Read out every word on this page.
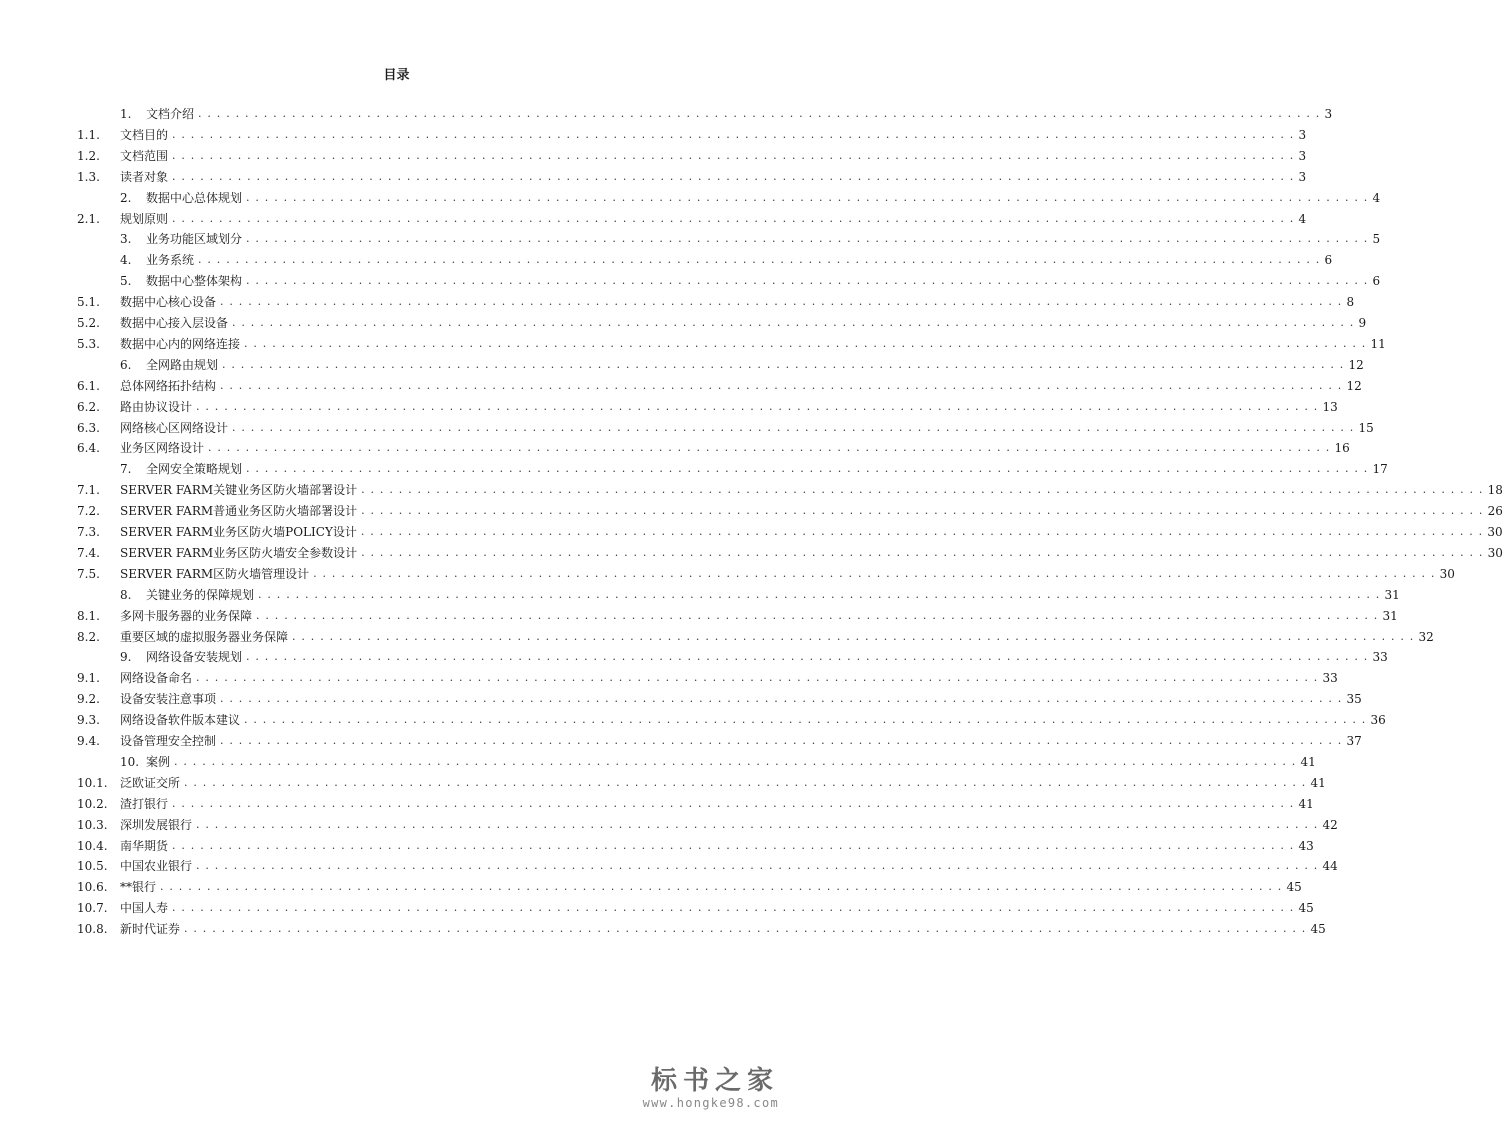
目录
1.	文档介绍 . . . . . . . . . . . . . . . . . . . . . . . . . . . . . . . . . . . . . . . . . . . . . . . . . . . . . . . . . . . . . . . . . . . . . . . . . . . . . . . . . . . . . . . . . . . . . . . . . . . . . . . . . . . . . . . . . . . . . . . . 3
1.1.	文档目的 . . . . . . . . . . . . . . . . . . . . . . . . . . . . . . . . . . . . . . . . . . . . . . . . . . . . . . . . . . . . . . . . . . . . . . . . . . . . . . . . . . . . . . . . . . . . . . . . . . . . . . . . . . . . . . . . . . . . . . . . 3
1.2.	文档范围 . . . . . . . . . . . . . . . . . . . . . . . . . . . . . . . . . . . . . . . . . . . . . . . . . . . . . . . . . . . . . . . . . . . . . . . . . . . . . . . . . . . . . . . . . . . . . . . . . . . . . . . . . . . . . . . . . . . . . . . . 3
1.3.	读者对象 . . . . . . . . . . . . . . . . . . . . . . . . . . . . . . . . . . . . . . . . . . . . . . . . . . . . . . . . . . . . . . . . . . . . . . . . . . . . . . . . . . . . . . . . . . . . . . . . . . . . . . . . . . . . . . . . . . . . . . . . 3
2.	数据中心总体规划 . . . . . . . . . . . . . . . . . . . . . . . . . . . . . . . . . . . . . . . . . . . . . . . . . . . . . . . . . . . . . . . . . . . . . . . . . . . . . . . . . . . . . . . . . . . . . . . . . . . . . . . . . . . . . . . . . . . . . . . . 4
2.1.	规划原则 . . . . . . . . . . . . . . . . . . . . . . . . . . . . . . . . . . . . . . . . . . . . . . . . . . . . . . . . . . . . . . . . . . . . . . . . . . . . . . . . . . . . . . . . . . . . . . . . . . . . . . . . . . . . . . . . . . . . . . . . 4
3.	业务功能区域划分 . . . . . . . . . . . . . . . . . . . . . . . . . . . . . . . . . . . . . . . . . . . . . . . . . . . . . . . . . . . . . . . . . . . . . . . . . . . . . . . . . . . . . . . . . . . . . . . . . . . . . . . . . . . . . . . . . . . . . . . . 5
4.	业务系统 . . . . . . . . . . . . . . . . . . . . . . . . . . . . . . . . . . . . . . . . . . . . . . . . . . . . . . . . . . . . . . . . . . . . . . . . . . . . . . . . . . . . . . . . . . . . . . . . . . . . . . . . . . . . . . . . . . . . . . . . 6
5.	数据中心整体架构 . . . . . . . . . . . . . . . . . . . . . . . . . . . . . . . . . . . . . . . . . . . . . . . . . . . . . . . . . . . . . . . . . . . . . . . . . . . . . . . . . . . . . . . . . . . . . . . . . . . . . . . . . . . . . . . . . . . . . . . . 6
5.1.	数据中心核心设备 . . . . . . . . . . . . . . . . . . . . . . . . . . . . . . . . . . . . . . . . . . . . . . . . . . . . . . . . . . . . . . . . . . . . . . . . . . . . . . . . . . . . . . . . . . . . . . . . . . . . . . . . . . . . . . . . . . . . . . . . 8
5.2.	数据中心接入层设备 . . . . . . . . . . . . . . . . . . . . . . . . . . . . . . . . . . . . . . . . . . . . . . . . . . . . . . . . . . . . . . . . . . . . . . . . . . . . . . . . . . . . . . . . . . . . . . . . . . . . . . . . . . . . . . . . . . . . . . . . 9
5.3.	数据中心内的网络连接 . . . . . . . . . . . . . . . . . . . . . . . . . . . . . . . . . . . . . . . . . . . . . . . . . . . . . . . . . . . . . . . . . . . . . . . . . . . . . . . . . . . . . . . . . . . . . . . . . . . . . . . . . . . . . . . . . . . . . . . . 11
6.	全网路由规划 . . . . . . . . . . . . . . . . . . . . . . . . . . . . . . . . . . . . . . . . . . . . . . . . . . . . . . . . . . . . . . . . . . . . . . . . . . . . . . . . . . . . . . . . . . . . . . . . . . . . . . . . . . . . . . . . . . . . . . . . 12
6.1.	总体网络拓扑结构 . . . . . . . . . . . . . . . . . . . . . . . . . . . . . . . . . . . . . . . . . . . . . . . . . . . . . . . . . . . . . . . . . . . . . . . . . . . . . . . . . . . . . . . . . . . . . . . . . . . . . . . . . . . . . . . . . . . . . . . . 12
6.2.	路由协议设计 . . . . . . . . . . . . . . . . . . . . . . . . . . . . . . . . . . . . . . . . . . . . . . . . . . . . . . . . . . . . . . . . . . . . . . . . . . . . . . . . . . . . . . . . . . . . . . . . . . . . . . . . . . . . . . . . . . . . . . . . 13
6.3.	网络核心区网络设计 . . . . . . . . . . . . . . . . . . . . . . . . . . . . . . . . . . . . . . . . . . . . . . . . . . . . . . . . . . . . . . . . . . . . . . . . . . . . . . . . . . . . . . . . . . . . . . . . . . . . . . . . . . . . . . . . . . . . . . . . 15
6.4.	业务区网络设计 . . . . . . . . . . . . . . . . . . . . . . . . . . . . . . . . . . . . . . . . . . . . . . . . . . . . . . . . . . . . . . . . . . . . . . . . . . . . . . . . . . . . . . . . . . . . . . . . . . . . . . . . . . . . . . . . . . . . . . . . 16
7.	全网安全策略规划 . . . . . . . . . . . . . . . . . . . . . . . . . . . . . . . . . . . . . . . . . . . . . . . . . . . . . . . . . . . . . . . . . . . . . . . . . . . . . . . . . . . . . . . . . . . . . . . . . . . . . . . . . . . . . . . . . . . . . . . . 17
7.1.	SERVER FARM关键业务区防火墙部署设计 . . . . . . . . . . . . . . . . . . . . . . . . . . . . . . . . . . . . . . . . . . . . . . . . . . . . . . . . . . . . . . . . . . . . . . . . . . . . . . . . . . . . . . . . . . . . . . . . . . . . . . . . . . . . . . . . . . . . . . . . 18
7.2.	SERVER FARM普通业务区防火墙部署设计 . . . . . . . . . . . . . . . . . . . . . . . . . . . . . . . . . . . . . . . . . . . . . . . . . . . . . . . . . . . . . . . . . . . . . . . . . . . . . . . . . . . . . . . . . . . . . . . . . . . . . . . . . . . . . . . . . . . . . . . . 26
7.3.	SERVER FARM业务区防火墙POLICY设计 . . . . . . . . . . . . . . . . . . . . . . . . . . . . . . . . . . . . . . . . . . . . . . . . . . . . . . . . . . . . . . . . . . . . . . . . . . . . . . . . . . . . . . . . . . . . . . . . . . . . . . . . . . . . . . . . . . . . . . . . 30
7.4.	SERVER FARM业务区防火墙安全参数设计 . . . . . . . . . . . . . . . . . . . . . . . . . . . . . . . . . . . . . . . . . . . . . . . . . . . . . . . . . . . . . . . . . . . . . . . . . . . . . . . . . . . . . . . . . . . . . . . . . . . . . . . . . . . . . . . . . . . . . . . . 30
7.5.	SERVER FARM区防火墙管理设计 . . . . . . . . . . . . . . . . . . . . . . . . . . . . . . . . . . . . . . . . . . . . . . . . . . . . . . . . . . . . . . . . . . . . . . . . . . . . . . . . . . . . . . . . . . . . . . . . . . . . . . . . . . . . . . . . . . . . . . . . 30
8.	关键业务的保障规划 . . . . . . . . . . . . . . . . . . . . . . . . . . . . . . . . . . . . . . . . . . . . . . . . . . . . . . . . . . . . . . . . . . . . . . . . . . . . . . . . . . . . . . . . . . . . . . . . . . . . . . . . . . . . . . . . . . . . . . . . 31
8.1.	多网卡服务器的业务保障 . . . . . . . . . . . . . . . . . . . . . . . . . . . . . . . . . . . . . . . . . . . . . . . . . . . . . . . . . . . . . . . . . . . . . . . . . . . . . . . . . . . . . . . . . . . . . . . . . . . . . . . . . . . . . . . . . . . . . . . . 31
8.2.	重要区域的虚拟服务器业务保障 . . . . . . . . . . . . . . . . . . . . . . . . . . . . . . . . . . . . . . . . . . . . . . . . . . . . . . . . . . . . . . . . . . . . . . . . . . . . . . . . . . . . . . . . . . . . . . . . . . . . . . . . . . . . . . . . . . . . . . . . 32
9.	网络设备安装规划 . . . . . . . . . . . . . . . . . . . . . . . . . . . . . . . . . . . . . . . . . . . . . . . . . . . . . . . . . . . . . . . . . . . . . . . . . . . . . . . . . . . . . . . . . . . . . . . . . . . . . . . . . . . . . . . . . . . . . . . . 33
9.1.	网络设备命名 . . . . . . . . . . . . . . . . . . . . . . . . . . . . . . . . . . . . . . . . . . . . . . . . . . . . . . . . . . . . . . . . . . . . . . . . . . . . . . . . . . . . . . . . . . . . . . . . . . . . . . . . . . . . . . . . . . . . . . . . 33
9.2.	设备安装注意事项 . . . . . . . . . . . . . . . . . . . . . . . . . . . . . . . . . . . . . . . . . . . . . . . . . . . . . . . . . . . . . . . . . . . . . . . . . . . . . . . . . . . . . . . . . . . . . . . . . . . . . . . . . . . . . . . . . . . . . . . . 35
9.3.	网络设备软件版本建议 . . . . . . . . . . . . . . . . . . . . . . . . . . . . . . . . . . . . . . . . . . . . . . . . . . . . . . . . . . . . . . . . . . . . . . . . . . . . . . . . . . . . . . . . . . . . . . . . . . . . . . . . . . . . . . . . . . . . . . . . 36
9.4.	设备管理安全控制 . . . . . . . . . . . . . . . . . . . . . . . . . . . . . . . . . . . . . . . . . . . . . . . . . . . . . . . . . . . . . . . . . . . . . . . . . . . . . . . . . . . . . . . . . . . . . . . . . . . . . . . . . . . . . . . . . . . . . . . . 37
10. 案例 . . . . . . . . . . . . . . . . . . . . . . . . . . . . . . . . . . . . . . . . . . . . . . . . . . . . . . . . . . . . . . . . . . . . . . . . . . . . . . . . . . . . . . . . . . . . . . . . . . . . . . . . . . . . . . . . . . . . . . . . 41
10.1.	泛欧证交所 . . . . . . . . . . . . . . . . . . . . . . . . . . . . . . . . . . . . . . . . . . . . . . . . . . . . . . . . . . . . . . . . . . . . . . . . . . . . . . . . . . . . . . . . . . . . . . . . . . . . . . . . . . . . . . . . . . . . . . . . 41
10.2.	渣打银行 . . . . . . . . . . . . . . . . . . . . . . . . . . . . . . . . . . . . . . . . . . . . . . . . . . . . . . . . . . . . . . . . . . . . . . . . . . . . . . . . . . . . . . . . . . . . . . . . . . . . . . . . . . . . . . . . . . . . . . . . 41
10.3.	深圳发展银行 . . . . . . . . . . . . . . . . . . . . . . . . . . . . . . . . . . . . . . . . . . . . . . . . . . . . . . . . . . . . . . . . . . . . . . . . . . . . . . . . . . . . . . . . . . . . . . . . . . . . . . . . . . . . . . . . . . . . . . . . 42
10.4.	南华期货 . . . . . . . . . . . . . . . . . . . . . . . . . . . . . . . . . . . . . . . . . . . . . . . . . . . . . . . . . . . . . . . . . . . . . . . . . . . . . . . . . . . . . . . . . . . . . . . . . . . . . . . . . . . . . . . . . . . . . . . . 43
10.5.	中国农业银行 . . . . . . . . . . . . . . . . . . . . . . . . . . . . . . . . . . . . . . . . . . . . . . . . . . . . . . . . . . . . . . . . . . . . . . . . . . . . . . . . . . . . . . . . . . . . . . . . . . . . . . . . . . . . . . . . . . . . . . . . 44
10.6.	**银行 . . . . . . . . . . . . . . . . . . . . . . . . . . . . . . . . . . . . . . . . . . . . . . . . . . . . . . . . . . . . . . . . . . . . . . . . . . . . . . . . . . . . . . . . . . . . . . . . . . . . . . . . . . . . . . . . . . . . . . . . 45
10.7.	中国人寿 . . . . . . . . . . . . . . . . . . . . . . . . . . . . . . . . . . . . . . . . . . . . . . . . . . . . . . . . . . . . . . . . . . . . . . . . . . . . . . . . . . . . . . . . . . . . . . . . . . . . . . . . . . . . . . . . . . . . . . . . 45
10.8.	新时代证券 . . . . . . . . . . . . . . . . . . . . . . . . . . . . . . . . . . . . . . . . . . . . . . . . . . . . . . . . . . . . . . . . . . . . . . . . . . . . . . . . . . . . . . . . . . . . . . . . . . . . . . . . . . . . . . . . . . . . . . . . 45
标书之家
www.hongke98.com
